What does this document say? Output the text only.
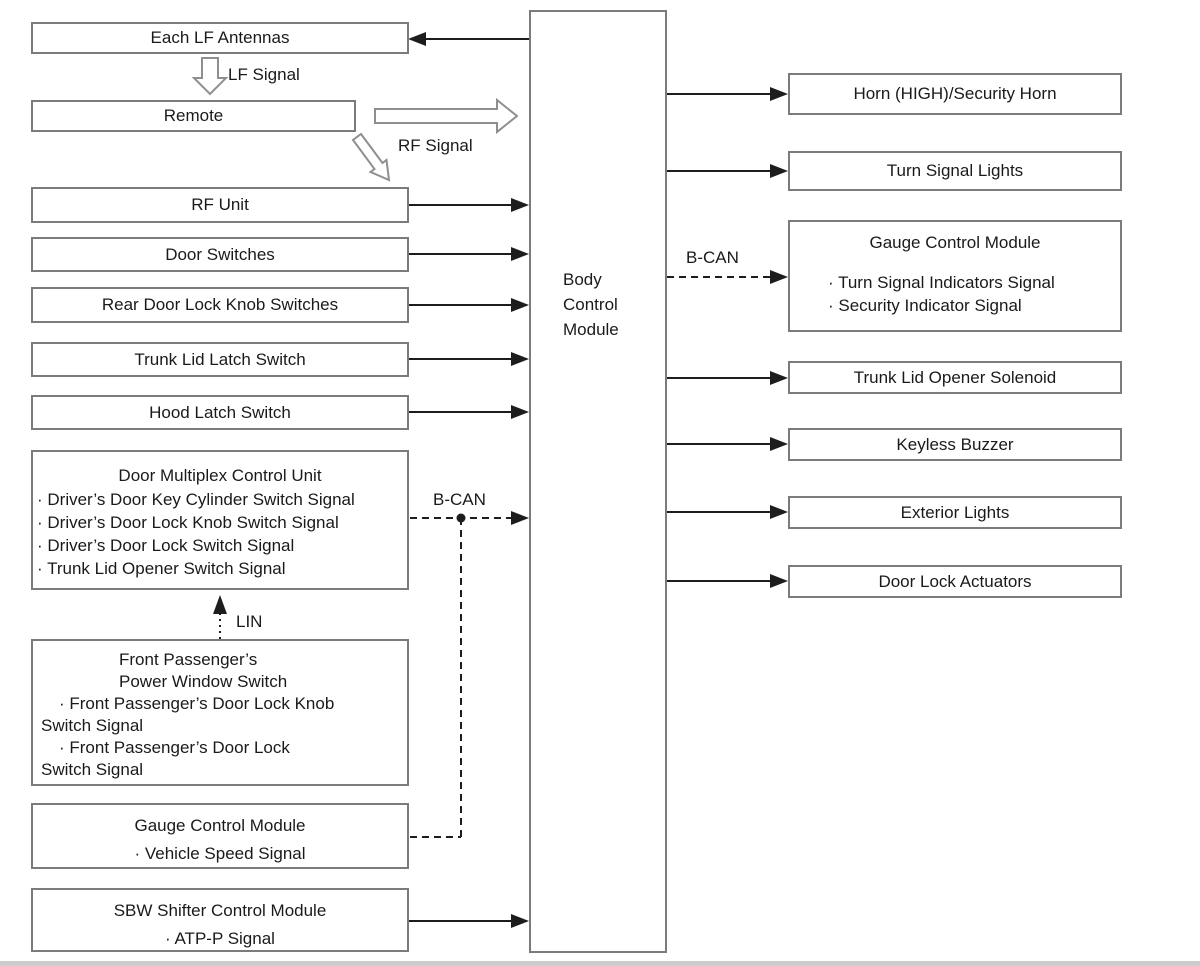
Body
Control
Module
Each LF Antennas
Remote
RF Unit
Door Switches
Rear Door Lock Knob Switches
Trunk Lid Latch Switch
Hood Latch Switch
Door Multiplex Control Unit
· Driver’s Door Key Cylinder Switch Signal
· Driver’s Door Lock Knob Switch Signal
· Driver’s Door Lock Switch Signal
· Trunk Lid Opener Switch Signal
Front Passenger’s
Power Window Switch
· Front Passenger’s Door Lock Knob
Switch Signal
· Front Passenger’s Door Lock
Switch Signal
Gauge Control Module
· Vehicle Speed Signal
SBW Shifter Control Module
· ATP-P Signal
Horn (HIGH)/Security Horn
Turn Signal Lights
Gauge Control Module
· Turn Signal Indicators Signal
· Security Indicator Signal
Trunk Lid Opener Solenoid
Keyless Buzzer
Exterior Lights
Door Lock Actuators
LF Signal
RF Signal
B-CAN
LIN
B-CAN
